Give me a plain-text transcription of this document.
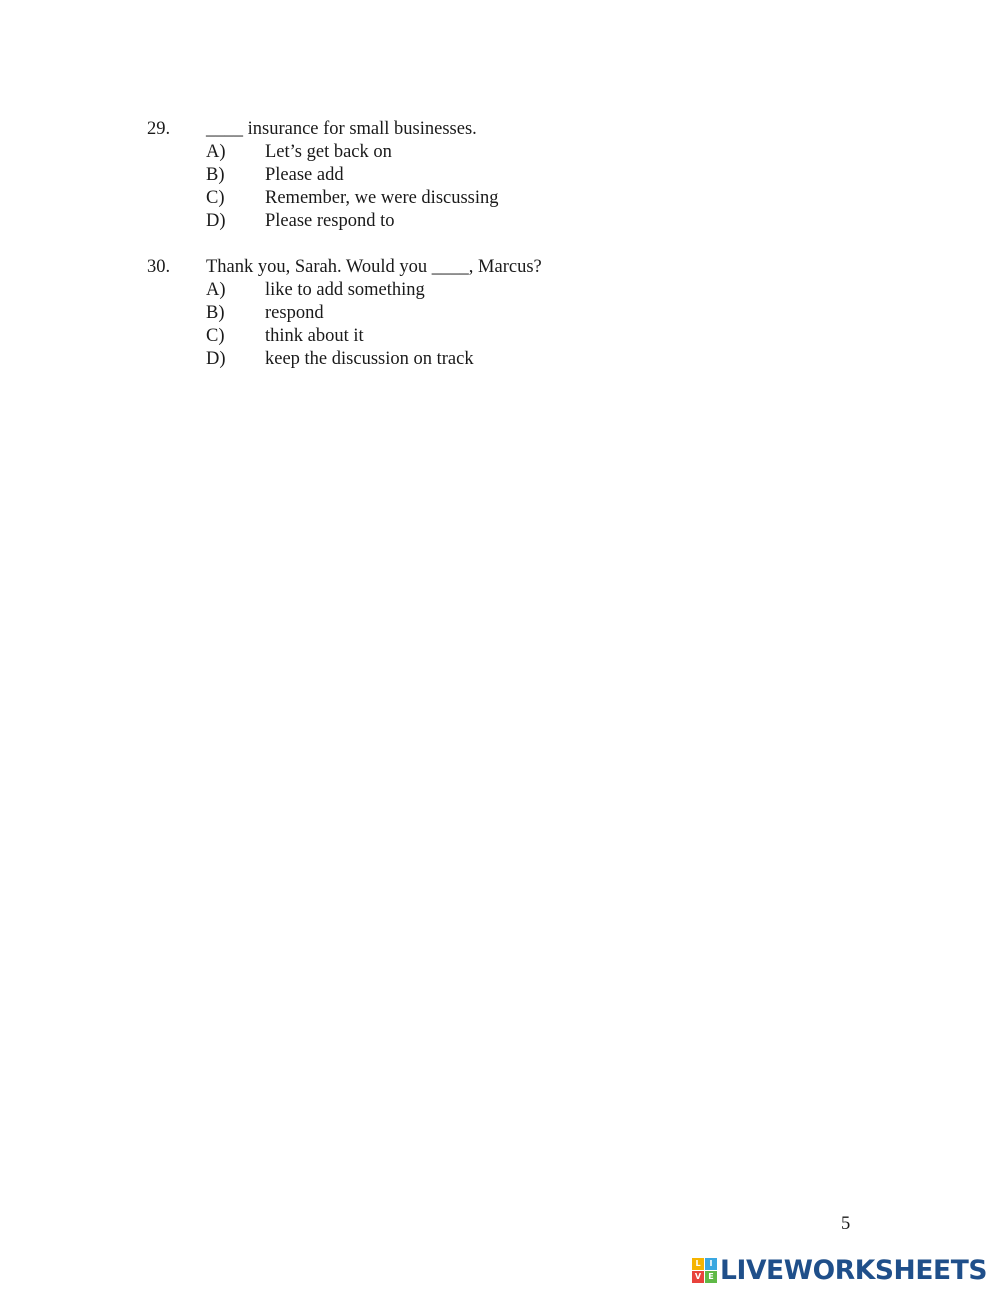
29.	____ insurance for small businesses.
A)	Let’s get back on
B)	Please add
C)	Remember, we were discussing
D)	Please respond to
30.	Thank you, Sarah. Would you ____, Marcus?
A)	like to add something
B)	respond
C)	think about it
D)	keep the discussion on track
5
L	I
V E LIVEWORKSHEETS
